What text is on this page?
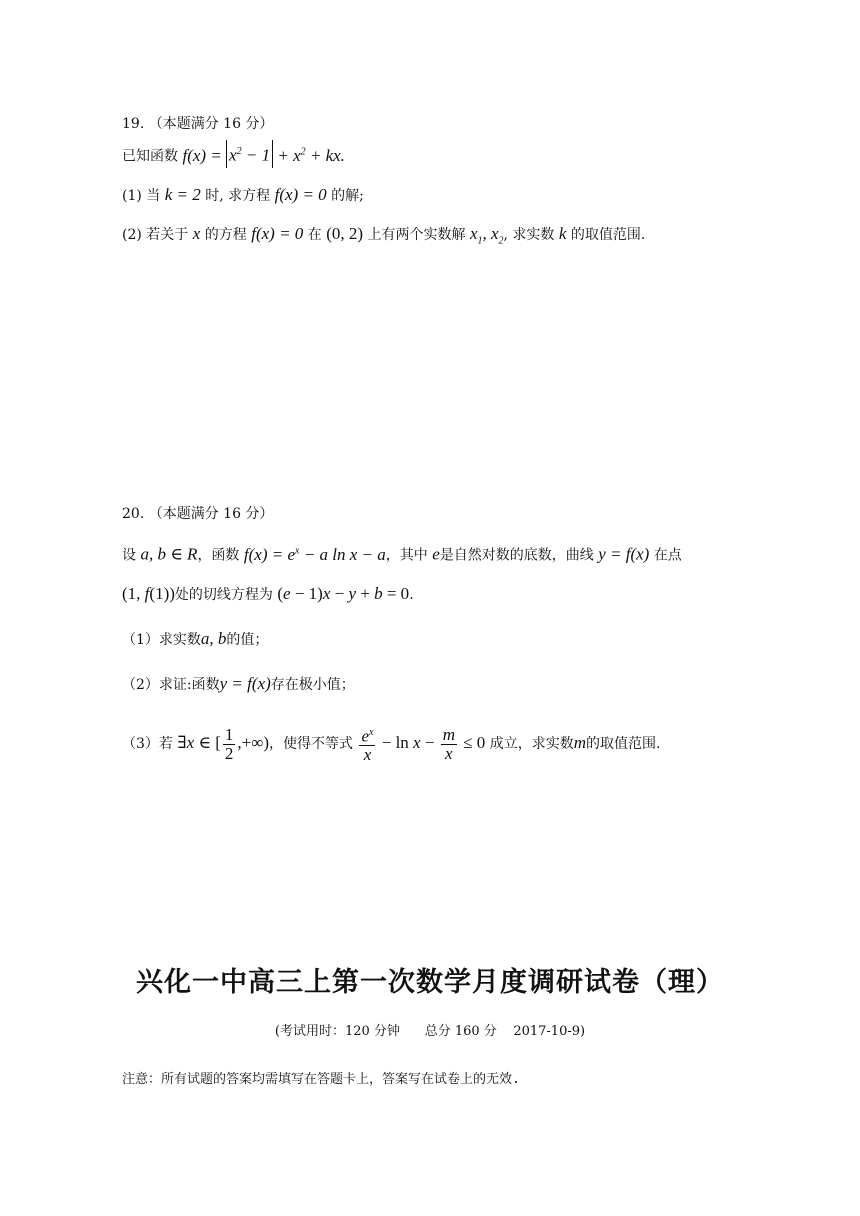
19. （本题满分 16 分）
已知函数 $f(x) = x^2 - 1 + x^2$ + kx.
(1) 当 k = 2 时, 求方程 f(x) = 0 的解;
(2) 若关于 x 的方程 f(x) = 0 在 (0, 2) 上有两个实数解 $x_1$, $x_2$, 求实数 k 的取值范围.
20. （本题满分 16 分）
设 a, b ∈ R，函数 $f(x) = e^x - a$ ln x − a，其中 e是自然对数的底数，曲线 y = f(x) 在点
(1, f(1))处的切线方程为 (e − 1)x − y + b = 0.
（1）求实数a, b的值；
（2）求证:函数y = f(x)存在极小值；
（3）若 ∃x ∈ [ $\frac{1}{2}$ ,+∞)，使得不等式 $\frac{e^x}{x} - \ln x - \frac{m}{x} \le 0$ 成立，求实数m的取值范围.
兴化一中高三上第一次数学月度调研试卷（理）
(考试用时：120 分钟      总分 160 分    2017-10-9)
注意：所有试题的答案均需填写在答题卡上，答案写在试卷上的无效.
